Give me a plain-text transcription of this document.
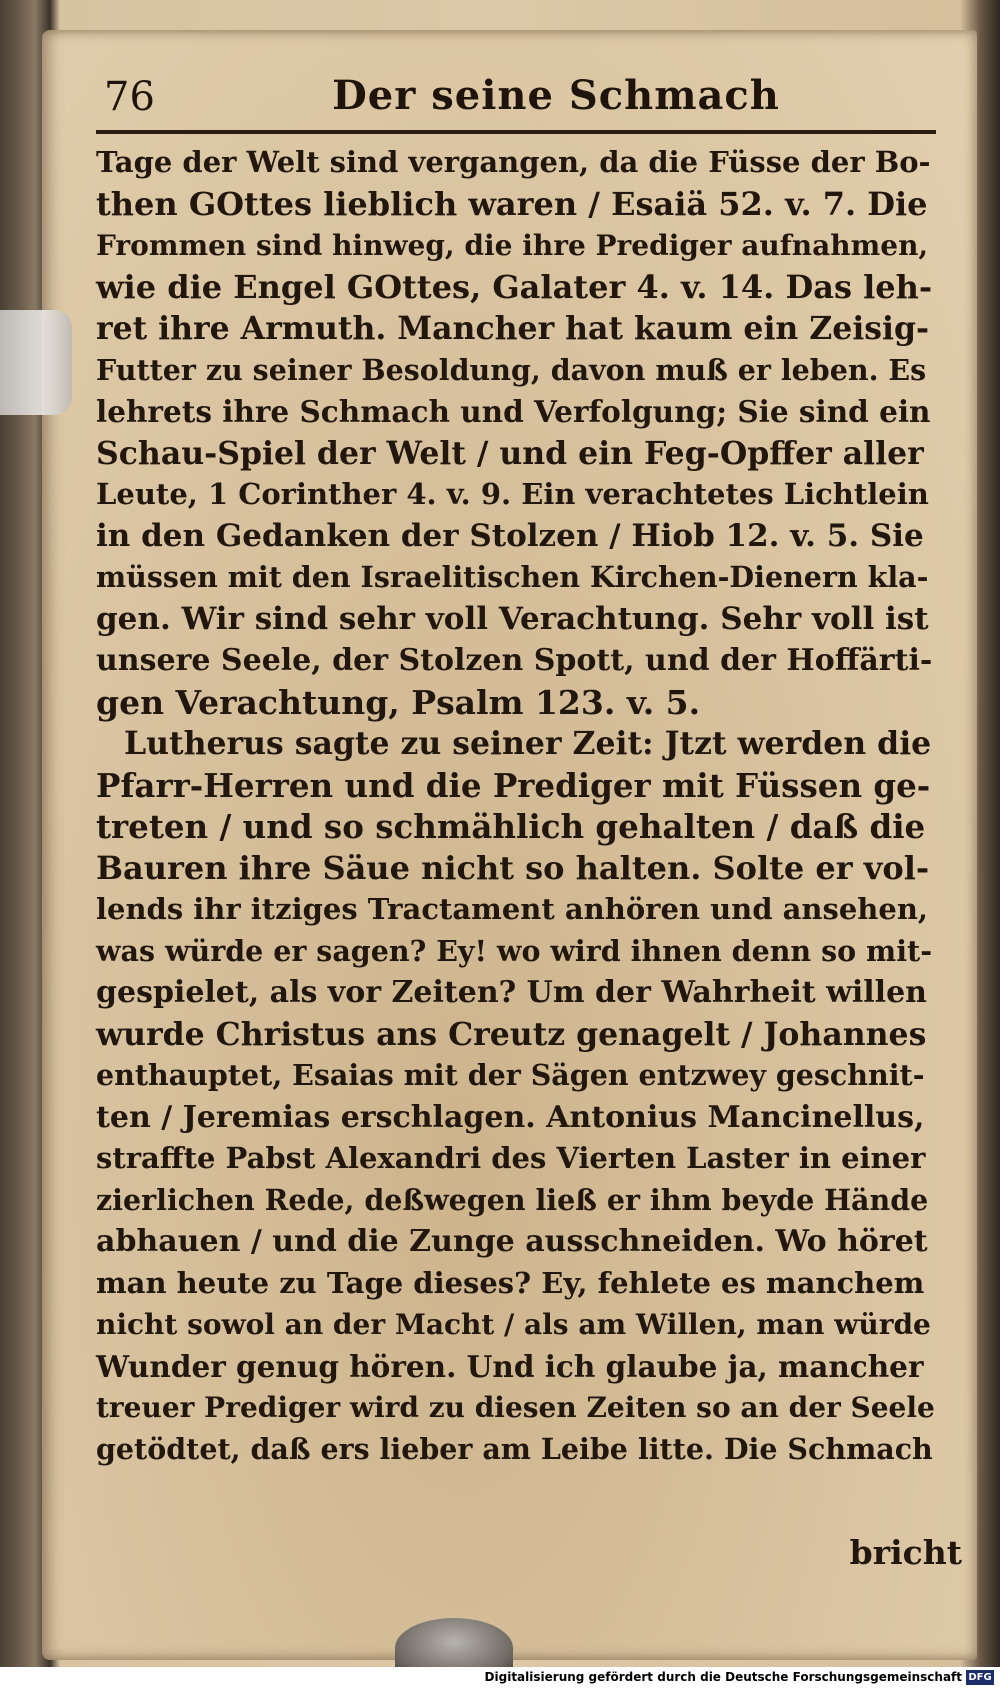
76	Der seine Schmach
Tage der Welt sind vergangen, da die Füsse der Bo-
then GOttes lieblich waren / Esaiä 52. v. 7. Die
Frommen sind hinweg, die ihre Prediger aufnahmen,
wie die Engel GOttes, Galater 4. v. 14. Das leh-
ret ihre Armuth. Mancher hat kaum ein Zeisig-
Futter zu seiner Besoldung, davon muß er leben. Es
lehrets ihre Schmach und Verfolgung; Sie sind ein
Schau-Spiel der Welt / und ein Feg-Opffer aller
Leute, 1 Corinther 4. v. 9. Ein verachtetes Lichtlein
in den Gedanken der Stolzen / Hiob 12. v. 5. Sie
müssen mit den Israelitischen Kirchen-Dienern kla-
gen. Wir sind sehr voll Verachtung. Sehr voll ist
unsere Seele, der Stolzen Spott, und der Hoffärti-
gen Verachtung, Psalm 123. v. 5.
Lutherus sagte zu seiner Zeit: Jtzt werden die
Pfarr-Herren und die Prediger mit Füssen ge-
treten / und so schmählich gehalten / daß die
Bauren ihre Säue nicht so halten. Solte er vol-
lends ihr itziges Tractament anhören und ansehen,
was würde er sagen? Ey! wo wird ihnen denn so mit-
gespielet, als vor Zeiten? Um der Wahrheit willen
wurde Christus ans Creutz genagelt / Johannes
enthauptet, Esaias mit der Sägen entzwey geschnit-
ten / Jeremias erschlagen. Antonius Mancinellus,
straffte Pabst Alexandri des Vierten Laster in einer
zierlichen Rede, deßwegen ließ er ihm beyde Hände
abhauen / und die Zunge ausschneiden. Wo höret
man heute zu Tage dieses? Ey, fehlete es manchem
nicht sowol an der Macht / als am Willen, man würde
Wunder genug hören. Und ich glaube ja, mancher
treuer Prediger wird zu diesen Zeiten so an der Seele
getödtet, daß ers lieber am Leibe litte. Die Schmach
bricht
Digitalisierung gefördert durch die Deutsche Forschungsgemeinschaft DFG
